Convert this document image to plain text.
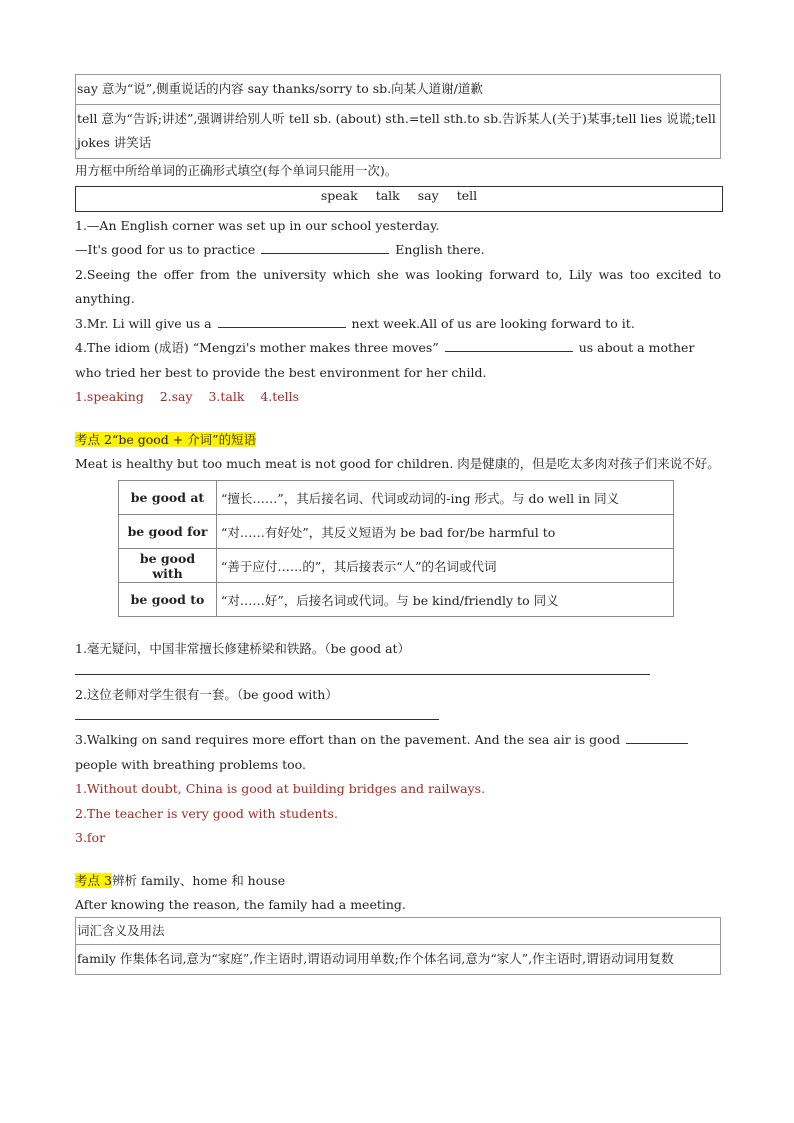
say 意为“说”,侧重说话的内容 say thanks/sorry to sb.向某人道谢/道歉
tell 意为“告诉;讲述”,强调讲给别人听 tell sb. (about) sth.=tell sth.to sb.告诉某人(关于)某事;tell lies 说谎;tell jokes 讲笑话
用方框中所给单词的正确形式填空(每个单词只能用一次)。
speak talk say tell
1.—An English corner was set up in our school yesterday.
—It's good for us to practice	English there.
2.Seeing the offer from the university which she was looking forward to, Lily was too excited to anything.
3.Mr. Li will give us a	next week.All of us are looking forward to it.
4.The idiom (成语) “Mengzi's mother makes three moves”	us about a mother who tried her best to provide the best environment for her child.
1.speaking    2.say    3.talk    4.tells
考点 2“be good + 介词”的短语
Meat is healthy but too much meat is not good for children. 肉是健康的，但是吃太多肉对孩子们来说不好。
be good at	“擅长……”，其后接名词、代词或动词的-ing 形式。与 do well in 同义
be good for	“对……有好处”，其反义短语为 be bad for/be harmful to
be good with	“善于应付……的”，其后接表示“人”的名词或代词
be good to	“对……好”，后接名词或代词。与 be kind/friendly to 同义
1.毫无疑问，中国非常擅长修建桥梁和铁路。（be good at）
2.这位老师对学生很有一套。（be good with）
3.Walking on sand requires more effort than on the pavement. And the sea air is good  people with breathing problems too.
1.Without doubt, China is good at building bridges and railways.
2.The teacher is very good with students.
3.for
考点 3辨析 family、home 和 house
After knowing the reason, the family had a meeting.
词汇含义及用法
family 作集体名词,意为“家庭”,作主语时,谓语动词用单数;作个体名词,意为“家人”,作主语时,谓语动词用复数
